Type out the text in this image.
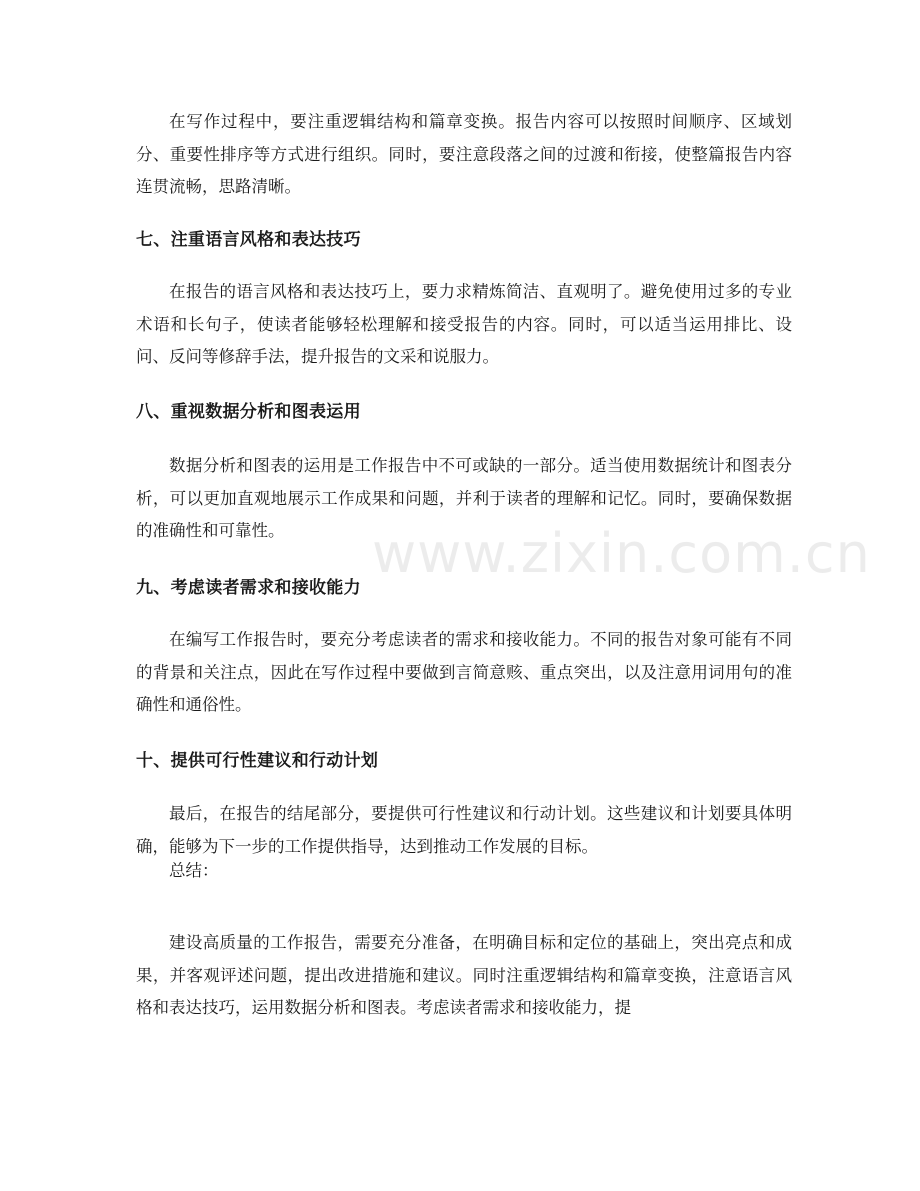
在写作过程中，要注重逻辑结构和篇章变换。报告内容可以按照时间顺序、区域划分、重要性排序等方式进行组织。同时，要注意段落之间的过渡和衔接，使整篇报告内容连贯流畅，思路清晰。

七、注重语言风格和表达技巧

在报告的语言风格和表达技巧上，要力求精炼简洁、直观明了。避免使用过多的专业术语和长句子，使读者能够轻松理解和接受报告的内容。同时，可以适当运用排比、设问、反问等修辞手法，提升报告的文采和说服力。

八、重视数据分析和图表运用

数据分析和图表的运用是工作报告中不可或缺的一部分。适当使用数据统计和图表分析，可以更加直观地展示工作成果和问题，并利于读者的理解和记忆。同时，要确保数据的准确性和可靠性。

九、考虑读者需求和接收能力

在编写工作报告时，要充分考虑读者的需求和接收能力。不同的报告对象可能有不同的背景和关注点，因此在写作过程中要做到言简意赅、重点突出，以及注意用词用句的准确性和通俗性。

十、提供可行性建议和行动计划

最后，在报告的结尾部分，要提供可行性建议和行动计划。这些建议和计划要具体明确，能够为下一步的工作提供指导，达到推动工作发展的目标。

总结：

建设高质量的工作报告，需要充分准备，在明确目标和定位的基础上，突出亮点和成果，并客观评述问题，提出改进措施和建议。同时注重逻辑结构和篇章变换，注意语言风格和表达技巧，运用数据分析和图表。考虑读者需求和接收能力，提

www.zixin.com.cn
